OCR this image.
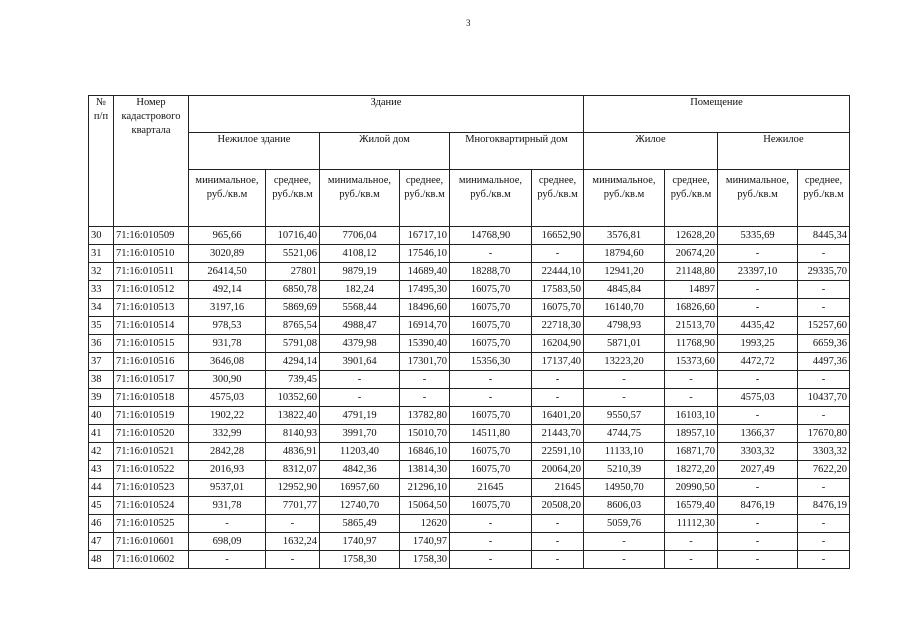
3
№ п/п	Номер кадастрового квартала	Здание						Помещение			
		Нежилое здание		Жилой дом		Многоквартирный дом		Жилое		Нежилое	
		минимальное, руб./кв.м	среднее, руб./кв.м	минимальное, руб./кв.м	среднее, руб./кв.м	минимальное, руб./кв.м	среднее, руб./кв.м	минимальное, руб./кв.м	среднее, руб./кв.м	минимальное, руб./кв.м	среднее, руб./кв.м
30	71:16:010509	965,66	10716,40	7706,04	16717,10	14768,90	16652,90	3576,81	12628,20	5335,69	8445,34
31	71:16:010510	3020,89	5521,06	4108,12	17546,10	-	-	18794,60	20674,20	-	-
32	71:16:010511	26414,50	27801	9879,19	14689,40	18288,70	22444,10	12941,20	21148,80	23397,10	29335,70
33	71:16:010512	492,14	6850,78	182,24	17495,30	16075,70	17583,50	4845,84	14897	-	-
34	71:16:010513	3197,16	5869,69	5568,44	18496,60	16075,70	16075,70	16140,70	16826,60	-	-
35	71:16:010514	978,53	8765,54	4988,47	16914,70	16075,70	22718,30	4798,93	21513,70	4435,42	15257,60
36	71:16:010515	931,78	5791,08	4379,98	15390,40	16075,70	16204,90	5871,01	11768,90	1993,25	6659,36
37	71:16:010516	3646,08	4294,14	3901,64	17301,70	15356,30	17137,40	13223,20	15373,60	4472,72	4497,36
38	71:16:010517	300,90	739,45	-	-	-	-	-	-	-	-
39	71:16:010518	4575,03	10352,60	-	-	-	-	-	-	4575,03	10437,70
40	71:16:010519	1902,22	13822,40	4791,19	13782,80	16075,70	16401,20	9550,57	16103,10	-	-
41	71:16:010520	332,99	8140,93	3991,70	15010,70	14511,80	21443,70	4744,75	18957,10	1366,37	17670,80
42	71:16:010521	2842,28	4836,91	11203,40	16846,10	16075,70	22591,10	11133,10	16871,70	3303,32	3303,32
43	71:16:010522	2016,93	8312,07	4842,36	13814,30	16075,70	20064,20	5210,39	18272,20	2027,49	7622,20
44	71:16:010523	9537,01	12952,90	16957,60	21296,10	21645	21645	14950,70	20990,50	-	-
45	71:16:010524	931,78	7701,77	12740,70	15064,50	16075,70	20508,20	8606,03	16579,40	8476,19	8476,19
46	71:16:010525	-	-	5865,49	12620	-	-	5059,76	11112,30	-	-
47	71:16:010601	698,09	1632,24	1740,97	1740,97	-	-	-	-	-	-
48	71:16:010602	-	-	1758,30	1758,30	-	-	-	-	-	-
